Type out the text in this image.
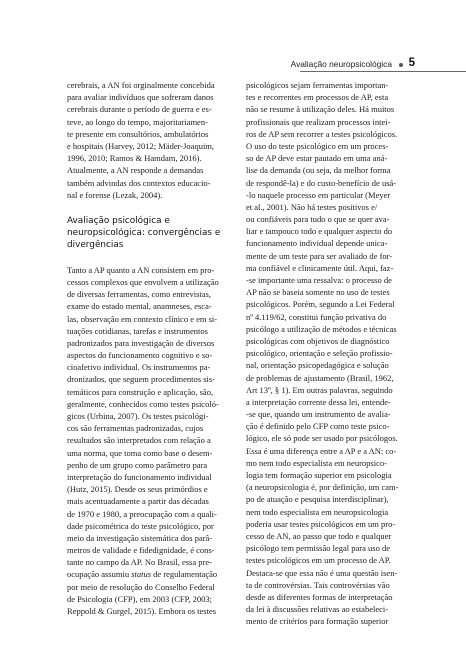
Avaliação neuropsicológica 5
cerebrais, a AN foi orginalmente concebida
para avaliar indivíduos que sofreram danos
cerebrais durante o período de guerra e es-
teve, ao longo do tempo, majoritariamen-
te presente em consultórios, ambulatórios
e hospitais (Harvey, 2012; Mäder-Joaquim,
1996, 2010; Ramos & Hamdam, 2016).
Atualmente, a AN responde a demandas
também advindas dos contextos educacio-
nal e forense (Lezak, 2004).
Avaliação psicológica e
neuropsicológica: convergências e
divergências
Tanto a AP quanto a AN consistem em pro-
cessos complexos que envolvem a utilização
de diversas ferramentas, como entrevistas,
exame do estado mental, anamneses, esca-
las, observação em contexto clínico e em si-
tuações cotidianas, tarefas e instrumentos
padronizados para investigação de diversos
aspectos do funcionamento cognitivo e so-
cioafetivo individual. Os instrumentos pa-
dronizados, que seguem procedimentos sis-
temáticos para construção e aplicação, são,
geralmente, conhecidos como testes psicoló-
gicos (Urbina, 2007). Os testes psicológi-
cos são ferramentas padronizadas, cujos
resultados são interpretados com relação a
uma norma, que toma como base o desem-
penho de um grupo como parâmetro para
interpretação do funcionamento individual
(Hutz, 2015). Desde os seus primórdios e
mais acentuadamente a partir das décadas
de 1970 e 1980, a preocupação com a quali-
dade psicométrica do teste psicológico, por
meio da investigação sistemática dos parâ-
metros de validade e fidedignidade, é cons-
tante no campo da AP. No Brasil, essa pre-
ocupação assumiu status de regulamentação
por meio de resolução do Conselho Federal
de Psicologia (CFP), em 2003 (CFP, 2003;
Reppold & Gurgel, 2015). Embora os testes
psicológicos sejam ferramentas importan-
tes e recorrentes em processos de AP, esta
não se resume à utilização deles. Há muitos
profissionais que realizam processos intei-
ros de AP sem recorrer a testes psicológicos.
O uso do teste psicológico em um proces-
so de AP deve estar pautado em uma aná-
lise da demanda (ou seja, da melhor forma
de respondê-la) e do custo-benefício de usá-
-lo naquele processo em particular (Meyer
et al., 2001). Não há testes positivos e/
ou confiáveis para tudo o que se quer ava-
liar e tampouco todo e qualquer aspecto do
funcionamento individual depende unica-
mente de um teste para ser avaliado de for-
ma confiável e clinicamente útil. Aqui, faz-
-se importante uma ressalva: o processo de
AP não se baseia somente no uso de testes
psicológicos. Porém, segundo a Lei Federal
nº 4.119/62, constitui função privativa do
psicólogo a utilização de métodos e técnicas
psicológicas com objetivos de diagnóstico
psicológico, orientação e seleção profissio-
nal, orientação psicopedagógica e solução
de problemas de ajustamento (Brasil, 1962,
Art 13º, § 1). Em outras palavras, seguindo
a interpretação corrente dessa lei, entende-
-se que, quando um instrumento de avalia-
ção é definido pelo CFP como teste psico-
lógico, ele só pode ser usado por psicólogos.
Essa é uma diferença entre a AP e a AN: co-
mo nem todo especialista em neuropsico-
logia tem formação superior em psicologia
(a neuropsicologia é, por definição, um cam-
po de atuação e pesquisa interdisciplinar),
nem todo especialista em neuropsicologia
poderia usar testes psicológicos em um pro-
cesso de AN, ao passo que todo e qualquer
psicólogo tem permissão legal para uso de
testes psicológicos em um processo de AP.
Destaca-se que essa não é uma questão isen-
ta de controvérsias. Tais controvérsias vão
desde as diferentes formas de interpretação
da lei à discussões relativas ao estabeleci-
mento de critérios para formação superior
